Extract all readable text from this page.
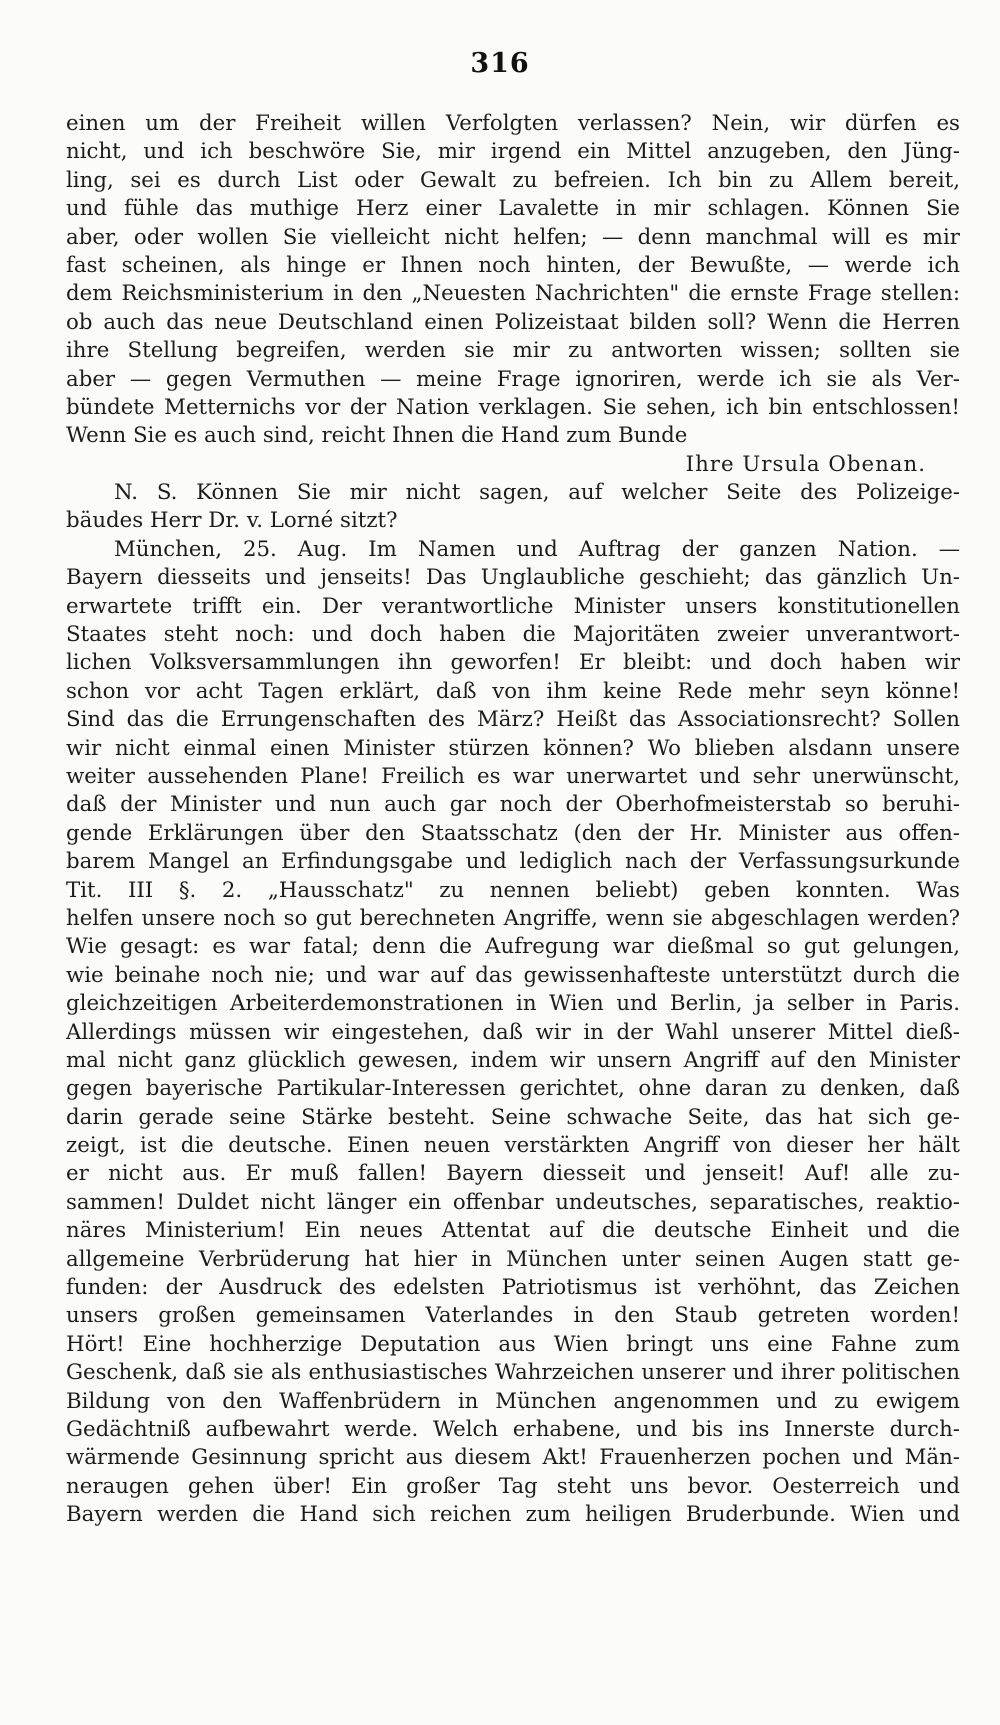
316
einen um der Freiheit willen Verfolgten verlassen? Nein, wir dürfen es
nicht, und ich beschwöre Sie, mir irgend ein Mittel anzugeben, den Jüng-
ling, sei es durch List oder Gewalt zu befreien. Ich bin zu Allem bereit,
und fühle das muthige Herz einer Lavalette in mir schlagen. Können Sie
aber, oder wollen Sie vielleicht nicht helfen; — denn manchmal will es mir
fast scheinen, als hinge er Ihnen noch hinten, der Bewußte, — werde ich
dem Reichsministerium in den „Neuesten Nachrichten" die ernste Frage stellen:
ob auch das neue Deutschland einen Polizeistaat bilden soll? Wenn die Herren
ihre Stellung begreifen, werden sie mir zu antworten wissen; sollten sie
aber — gegen Vermuthen — meine Frage ignoriren, werde ich sie als Ver-
bündete Metternichs vor der Nation verklagen. Sie sehen, ich bin entschlossen!
Wenn Sie es auch sind, reicht Ihnen die Hand zum Bunde
Ihre Ursula Obenan.
N. S. Können Sie mir nicht sagen, auf welcher Seite des Polizeige-
bäudes Herr Dr. v. Lorné sitzt?
München, 25. Aug. Im Namen und Auftrag der ganzen Nation. —
Bayern diesseits und jenseits! Das Unglaubliche geschieht; das gänzlich Un-
erwartete trifft ein. Der verantwortliche Minister unsers konstitutionellen
Staates steht noch: und doch haben die Majoritäten zweier unverantwort-
lichen Volksversammlungen ihn geworfen! Er bleibt: und doch haben wir
schon vor acht Tagen erklärt, daß von ihm keine Rede mehr seyn könne!
Sind das die Errungenschaften des März? Heißt das Associationsrecht? Sollen
wir nicht einmal einen Minister stürzen können? Wo blieben alsdann unsere
weiter aussehenden Plane! Freilich es war unerwartet und sehr unerwünscht,
daß der Minister und nun auch gar noch der Oberhofmeisterstab so beruhi-
gende Erklärungen über den Staatsschatz (den der Hr. Minister aus offen-
barem Mangel an Erfindungsgabe und lediglich nach der Verfassungsurkunde
Tit. III §. 2. „Hausschatz" zu nennen beliebt) geben konnten. Was
helfen unsere noch so gut berechneten Angriffe, wenn sie abgeschlagen werden?
Wie gesagt: es war fatal; denn die Aufregung war dießmal so gut gelungen,
wie beinahe noch nie; und war auf das gewissenhafteste unterstützt durch die
gleichzeitigen Arbeiterdemonstrationen in Wien und Berlin, ja selber in Paris.
Allerdings müssen wir eingestehen, daß wir in der Wahl unserer Mittel dieß-
mal nicht ganz glücklich gewesen, indem wir unsern Angriff auf den Minister
gegen bayerische Partikular-Interessen gerichtet, ohne daran zu denken, daß
darin gerade seine Stärke besteht. Seine schwache Seite, das hat sich ge-
zeigt, ist die deutsche. Einen neuen verstärkten Angriff von dieser her hält
er nicht aus. Er muß fallen! Bayern diesseit und jenseit! Auf! alle zu-
sammen! Duldet nicht länger ein offenbar undeutsches, separatisches, reaktio-
näres Ministerium! Ein neues Attentat auf die deutsche Einheit und die
allgemeine Verbrüderung hat hier in München unter seinen Augen statt ge-
funden: der Ausdruck des edelsten Patriotismus ist verhöhnt, das Zeichen
unsers großen gemeinsamen Vaterlandes in den Staub getreten worden!
Hört! Eine hochherzige Deputation aus Wien bringt uns eine Fahne zum
Geschenk, daß sie als enthusiastisches Wahrzeichen unserer und ihrer politischen
Bildung von den Waffenbrüdern in München angenommen und zu ewigem
Gedächtniß aufbewahrt werde. Welch erhabene, und bis ins Innerste durch-
wärmende Gesinnung spricht aus diesem Akt! Frauenherzen pochen und Män-
neraugen gehen über! Ein großer Tag steht uns bevor. Oesterreich und
Bayern werden die Hand sich reichen zum heiligen Bruderbunde. Wien und
